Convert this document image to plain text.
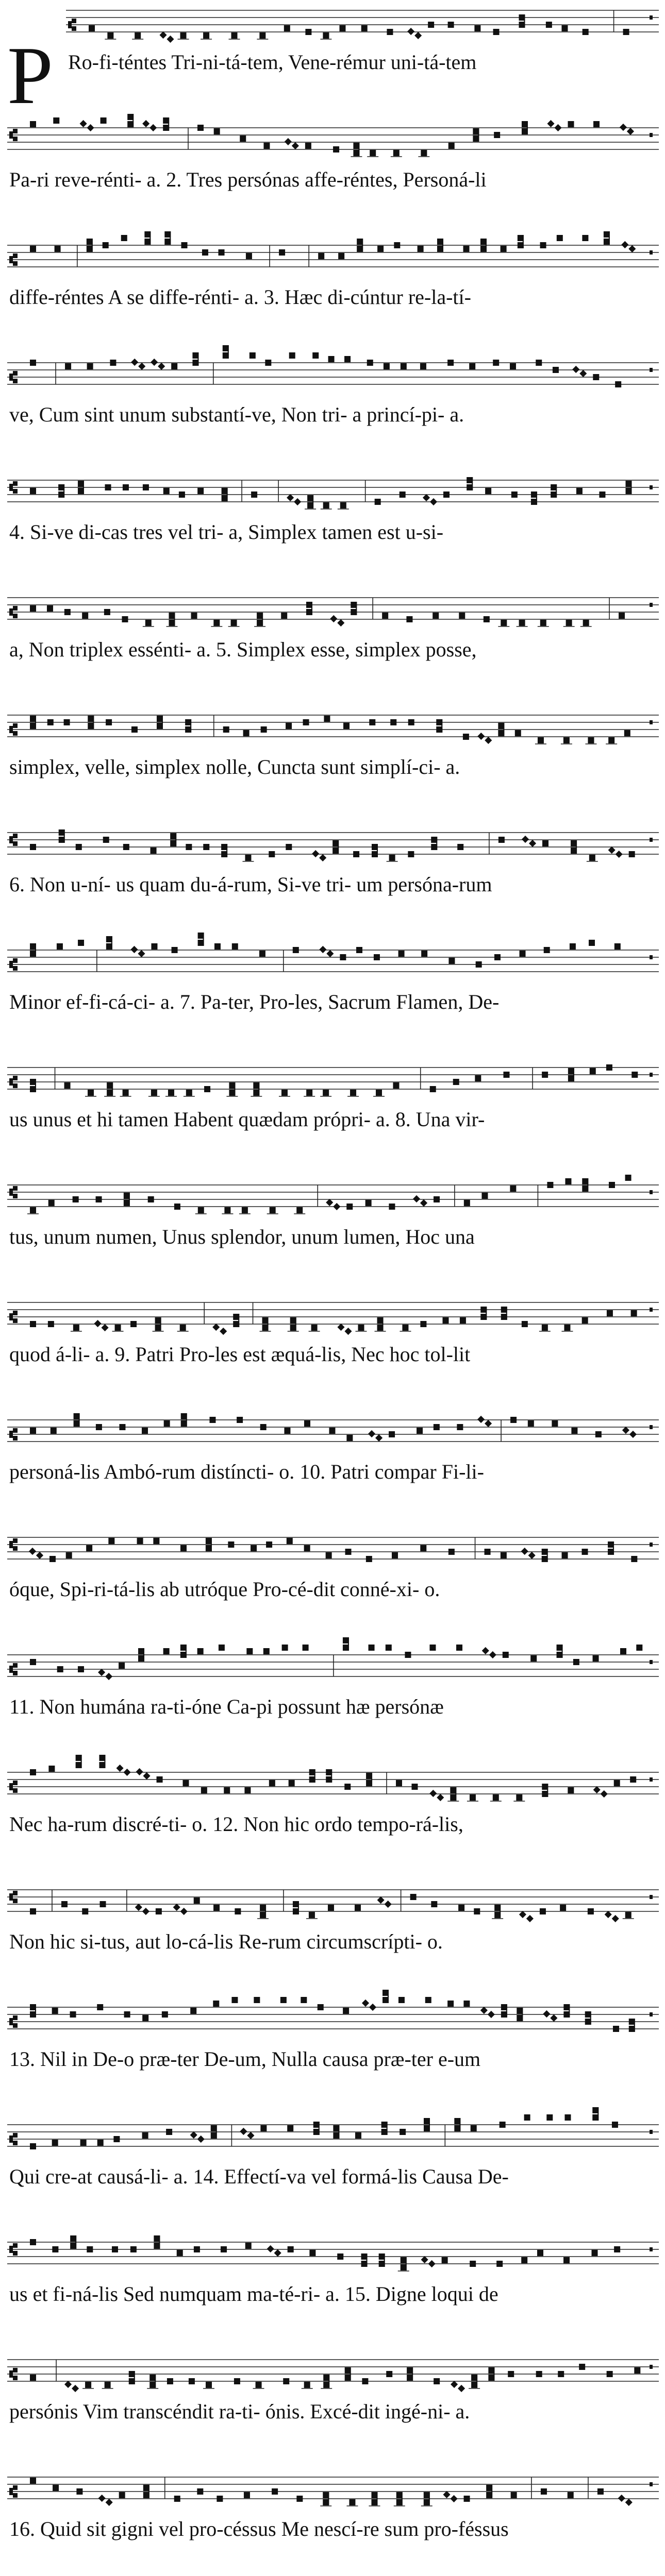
P Ro-fi-téntes Tri-ni-tá-tem, Vene-rémur uni-tá-tem
Pa-ri reve-rénti- a. 2. Tres persónas affe-réntes, Personá-li
diffe-réntes A se diffe-rénti- a. 3. Hæc di-cúntur re-la-tí-
ve, Cum sint unum substantí-ve, Non tri- a princí-pi- a.
4. Si-ve di-cas tres vel tri- a, Simplex tamen est u-si-
a, Non triplex essénti- a. 5. Simplex esse, simplex posse,
simplex, velle, simplex nolle, Cuncta sunt simplí-ci- a.
6. Non u-ní- us quam du-á-rum, Si-ve tri- um persóna-rum
Minor ef-fi-cá-ci- a. 7. Pa-ter, Pro-les, Sacrum Flamen, De-
us unus et hi tamen Habent quædam própri- a. 8. Una vir-
tus, unum numen, Unus splendor, unum lumen, Hoc una
quod á-li- a. 9. Patri Pro-les est æquá-lis, Nec hoc tol-lit
personá-lis Ambó-rum distíncti- o. 10. Patri compar Fi-li-
óque, Spi-ri-tá-lis ab utróque Pro-cé-dit conné-xi- o.
11. Non humána ra-ti-óne Ca-pi possunt hæ persónæ
Nec ha-rum discré-ti- o. 12. Non hic ordo tempo-rá-lis,
Non hic si-tus, aut lo-cá-lis Re-rum circumscrípti- o.
13. Nil in De-o præ-ter De-um, Nulla causa præ-ter e-um
Qui cre-at causá-li- a. 14. Effectí-va vel formá-lis Causa De-
us et fi-ná-lis Sed numquam ma-té-ri- a. 15. Digne loqui de
persónis Vim transcéndit ra-ti- ónis. Excé-dit ingé-ni- a.
16. Quid sit gigni vel pro-céssus Me nescí-re sum pro-féssus
